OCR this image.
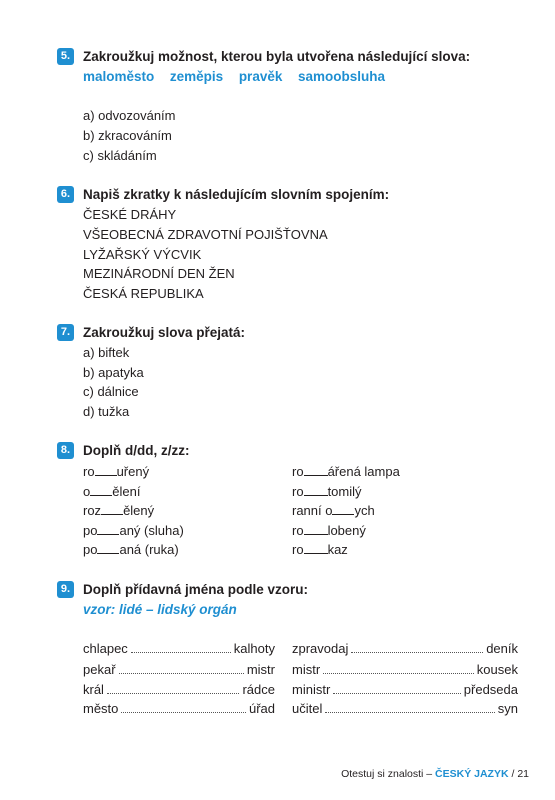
5. Zakroužkuj možnost, kterou byla utvořena následující slova:
maloměsto zeměpis pravěk samoobsluha
a) odvozováním
b) zkracováním
c) skládáním
6. Napiš zkratky k následujícím slovním spojením:
ČESKÉ DRÁHY
VŠEOBECNÁ ZDRAVOTNÍ POJIŠŤOVNA
LYŽAŘSKÝ VÝCVIK
MEZINÁRODNÍ DEN ŽEN
ČESKÁ REPUBLIKA
7. Zakroužkuj slova přejatá:
a) biftek
b) apatyka
c) dálnice
d) tužka
8. Doplň d/dd, z/zz:
ro uřený
o ělení
roz ělený
po aný (sluha)
po aná (ruka)
ro ářená lampa
ro tomilý
ranní o ych
ro lobený
ro kaz
9. Doplň přídavná jména podle vzoru:
vzor: lidé – lidský orgán
chlapec	kalhoty
pekař	mistr
král	rádce
město	úřad
zpravodaj	deník
mistr	kousek
ministr	předseda
učitel	syn
Otestuj si znalosti – ČESKÝ JAZYK / 21
